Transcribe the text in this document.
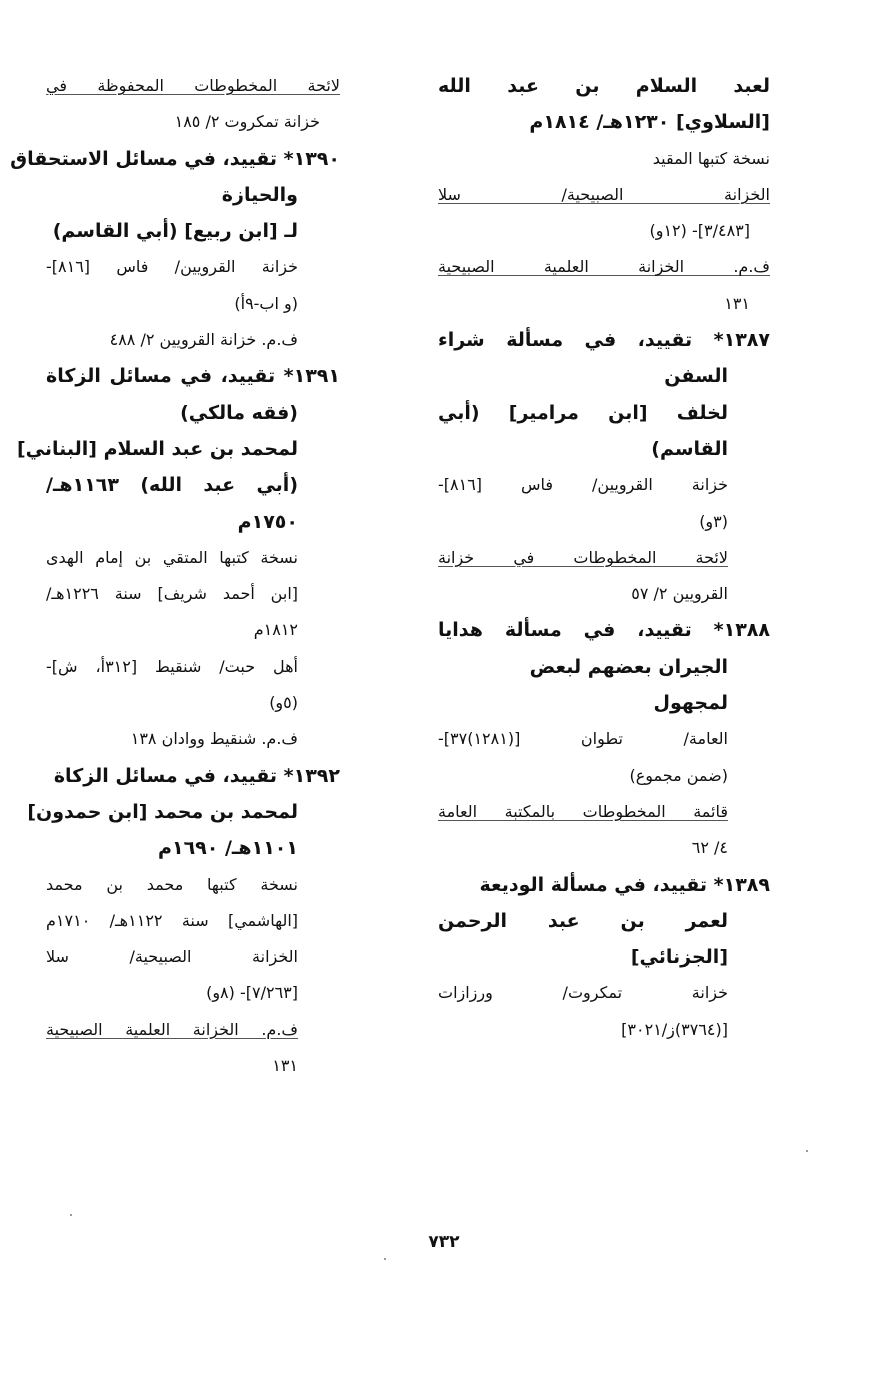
لعبد السلام بن عبد الله
[السلاوي] ١٢٣٠هـ/ ١٨١٤م
نسخة كتبها المقيد
الخزانة الصبيحية/ سلا
[٣/٤٨٣]- (١٢و)
ف.م. الخزانة العلمية الصبيحية
١٣١
١٣٨٧* تقييد، في مسألة شراء
السفن
لخلف [ابن مرامير] (أبي
القاسم)
خزانة القرويين/ فاس [٨١٦]-
(٣و)
لائحة المخطوطات في خزانة
القرويين ٢/ ٥٧
١٣٨٨* تقييد، في مسألة هدايا
الجيران بعضهم لبعض
لمجهول
العامة/ تطوان [(١٢٨١)٣٧]-
(ضمن مجموع)
قائمة المخطوطات بالمكتبة العامة
٤/ ٦٢
١٣٨٩* تقييد، في مسألة الوديعة
لعمر بن عبد الرحمن
[الجزنائي]
خزانة تمكروت/ ورزازات
[(٣٧٦٤)ز/٣٠٢١]
لائحة المخطوطات المحفوظة في
خزانة تمكروت ٢/ ١٨٥
١٣٩٠* تقييد، في مسائل الاستحقاق
والحيازة
لـ [ابن ربيع] (أبي القاسم)
خزانة القرويين/ فاس [٨١٦]-
(و اب-٩أ)
ف.م. خزانة القرويين ٢/ ٤٨٨
١٣٩١* تقييد، في مسائل الزكاة
(فقه مالكي)
لمحمد بن عبد السلام [البناني]
(أبي عبد الله) ١١٦٣هـ/
١٧٥٠م
نسخة كتبها المتقي بن إمام الهدى
[ابن أحمد شريف] سنة ١٢٢٦هـ/
١٨١٢م
أهل حبت/ شنقيط [٣١٢أ، ش]-
(٥و)
ف.م. شنقيط ووادان ١٣٨
١٣٩٢* تقييد، في مسائل الزكاة
لمحمد بن محمد [ابن حمدون]
١١٠١هـ/ ١٦٩٠م
نسخة كتبها محمد بن محمد
[الهاشمي] سنة ١١٢٢هـ/ ١٧١٠م
الخزانة الصبيحية/ سلا
[٧/٢٦٣]- (٨و)
ف.م. الخزانة العلمية الصبيحية
١٣١
٧٣٢
